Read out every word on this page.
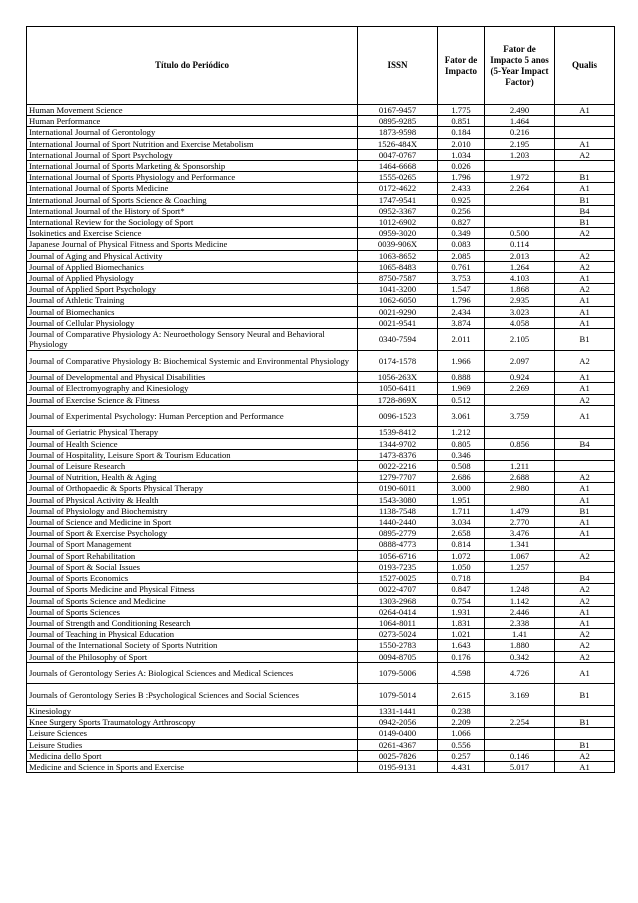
Título do Periódico	ISSN	Fator de Impacto	Fator de Impacto 5 anos (5-Year Impact Factor)	Qualis
Human Movement Science	0167-9457	1.775	2.490	A1
Human Performance	0895-9285	0.851	1.464	
International Journal of Gerontology	1873-9598	0.184	0.216	
International Journal of Sport Nutrition and Exercise Metabolism	1526-484X	2.010	2.195	A1
International Journal of Sport Psychology	0047-0767	1.034	1.203	A2
International Journal of Sports Marketing & Sponsorship	1464-6668	0.026		
International Journal of Sports Physiology and Performance	1555-0265	1.796	1.972	B1
International Journal of Sports Medicine	0172-4622	2.433	2.264	A1
International Journal of Sports Science & Coaching	1747-9541	0.925		B1
International Journal of the History of Sport*	0952-3367	0.256		B4
International Review for the Sociology of Sport	1012-6902	0.827		B1
Isokinetics and Exercise Science	0959-3020	0.349	0.500	A2
Japanese Journal of Physical Fitness and Sports Medicine	0039-906X	0.083	0.114	
Journal of Aging and Physical Activity	1063-8652	2.085	2.013	A2
Journal of Applied Biomechanics	1065-8483	0.761	1.264	A2
Journal of Applied Physiology	8750-7587	3.753	4.103	A1
Journal of Applied Sport Psychology	1041-3200	1.547	1.868	A2
Journal of Athletic Training	1062-6050	1.796	2.935	A1
Journal of Biomechanics	0021-9290	2.434	3.023	A1
Journal of Cellular Physiology	0021-9541	3.874	4.058	A1
Journal of Comparative Physiology A: Neuroethology Sensory Neural and Behavioral Physiology	0340-7594	2.011	2.105	B1
Journal of Comparative Physiology B: Biochemical Systemic and Environmental Physiology	0174-1578	1.966	2.097	A2
Journal of Developmental and Physical Disabilities	1056-263X	0.888	0.924	A1
Journal of Electromyography and Kinesiology	1050-6411	1.969	2.269	A1
Journal of Exercise Science & Fitness	1728-869X	0.512		A2
Journal of Experimental Psychology: Human Perception and Performance	0096-1523	3.061	3.759	A1
Journal of Geriatric Physical Therapy	1539-8412	1.212		
Journal of Health Science	1344-9702	0.805	0.856	B4
Journal of Hospitality, Leisure Sport & Tourism Education	1473-8376	0.346		
Journal of Leisure Research	0022-2216	0.508	1.211	
Journal of Nutrition, Health & Aging	1279-7707	2.686	2.688	A2
Journal of Orthopaedic & Sports Physical Therapy	0190-6011	3.000	2.980	A1
Journal of Physical Activity & Health	1543-3080	1.951		A1
Journal of Physiology and Biochemistry	1138-7548	1.711	1.479	B1
Journal of Science and Medicine in Sport	1440-2440	3.034	2.770	A1
Journal of Sport & Exercise Psychology	0895-2779	2.658	3.476	A1
Journal of Sport Management	0888-4773	0.814	1.341	
Journal of Sport Rehabilitation	1056-6716	1.072	1.067	A2
Journal of Sport & Social Issues	0193-7235	1.050	1.257	
Journal of Sports Economics	1527-0025	0.718		B4
Journal of Sports Medicine and Physical Fitness	0022-4707	0.847	1.248	A2
Journal of Sports Science and Medicine	1303-2968	0.754	1.142	A2
Journal of Sports Sciences	0264-0414	1.931	2.446	A1
Journal of Strength and Conditioning Research	1064-8011	1.831	2.338	A1
Journal of Teaching in Physical Education	0273-5024	1.021	1.41	A2
Journal of the International Society of Sports Nutrition	1550-2783	1.643	1.880	A2
Journal of the Philosophy of Sport	0094-8705	0.176	0.342	A2
Journals of Gerontology Series A: Biological Sciences and Medical Sciences	1079-5006	4.598	4.726	A1
Journals of Gerontology Series B :Psychological Sciences and Social Sciences	1079-5014	2.615	3.169	B1
Kinesiology	1331-1441	0.238		
Knee Surgery Sports Traumatology Arthroscopy	0942-2056	2.209	2.254	B1
Leisure Sciences	0149-0400	1.066		
Leisure Studies	0261-4367	0.556		B1
Medicina dello Sport	0025-7826	0.257	0.146	A2
Medicine and Science in Sports and Exercise	0195-9131	4.431	5.017	A1
